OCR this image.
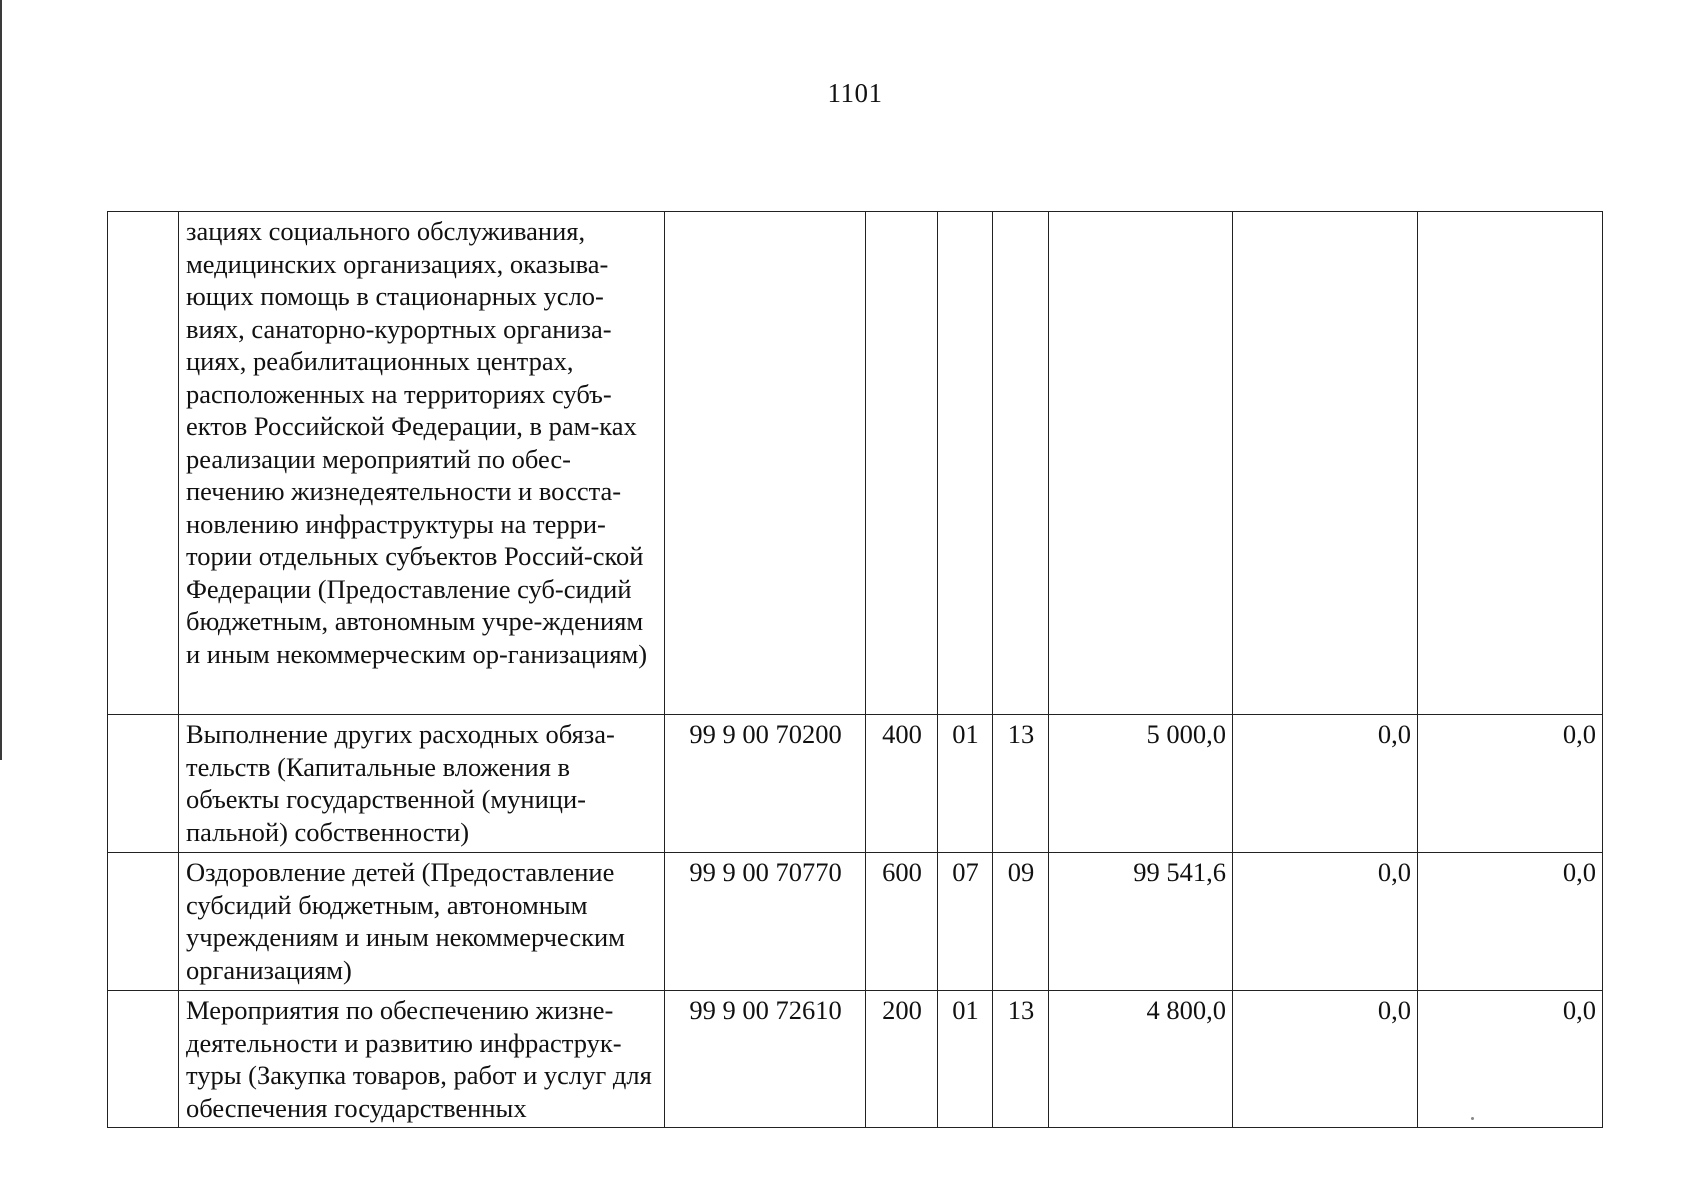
1101
	зациях социального обслуживания, медицинских организациях, оказыва-ющих помощь в стационарных усло-виях, санаторно-курортных организа-циях, реабилитационных центрах, расположенных на территориях субъ-ектов Российской Федерации, в рам-ках реализации мероприятий по обес-печению жизнедеятельности и восста-новлению инфраструктуры на терри-тории отдельных субъектов Россий-ской Федерации (Предоставление суб-сидий бюджетным, автономным учре-ждениям и иным некоммерческим ор-ганизациям)							
	Выполнение других расходных обяза-тельств (Капитальные вложения в объекты государственной (муници-пальной) собственности)	99 9 00 70200	400	01	13	5 000,0	0,0	0,0
	Оздоровление детей (Предоставление субсидий бюджетным, автономным учреждениям и иным некоммерческим организациям)	99 9 00 70770	600	07	09	99 541,6	0,0	0,0
	Мероприятия по обеспечению жизне-деятельности и развитию инфраструк-туры (Закупка товаров, работ и услуг для обеспечения государственных	99 9 00 72610	200	01	13	4 800,0	0,0	0,0
